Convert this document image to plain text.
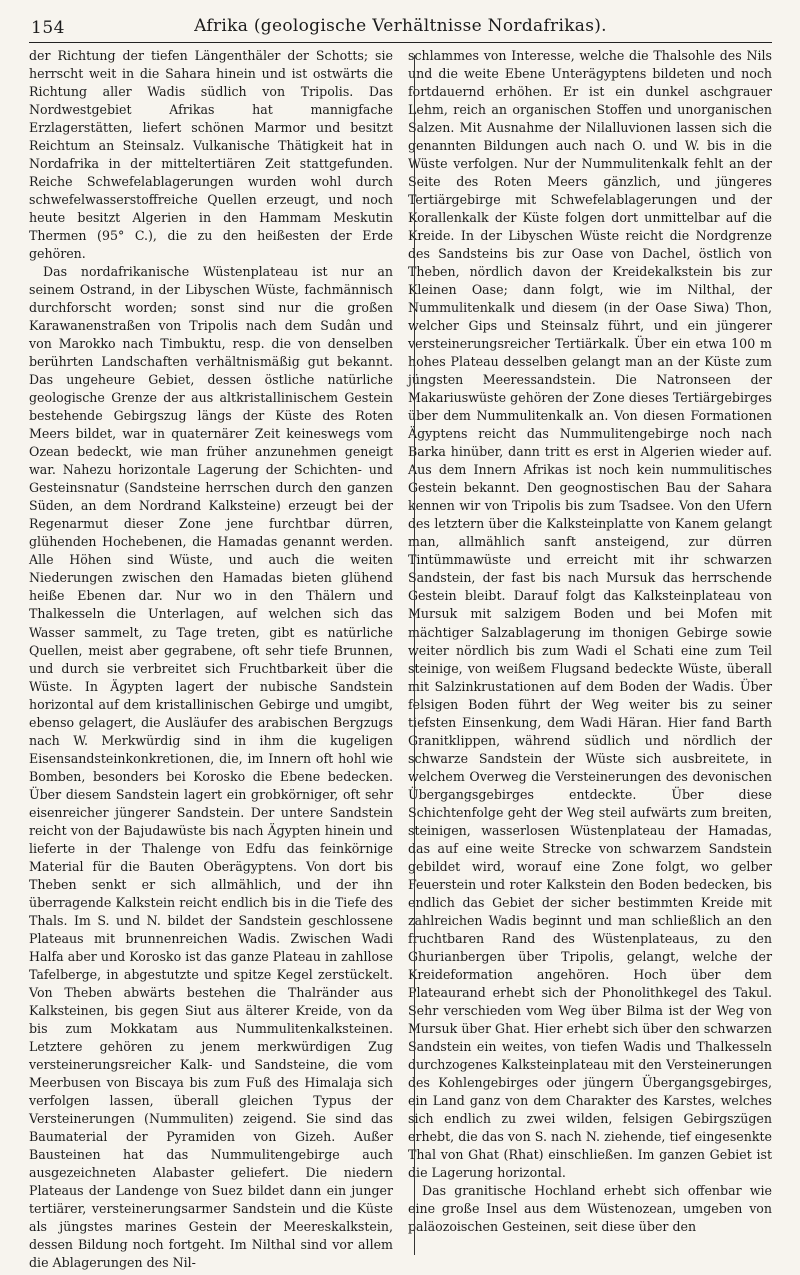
154	Afrika (geologische Verhältnisse Nordafrikas).

der Richtung der tiefen Längenthäler der Schotts; sie herrscht weit in die Sahara hinein und ist ostwärts die Richtung aller Wadis südlich von Tripolis. Das Nordwestgebiet Afrikas hat mannigfache Erzlagerstätten, liefert schönen Marmor und besitzt Reichtum an Steinsalz. Vulkanische Thätigkeit hat in Nordafrika in der mitteltertiären Zeit stattgefunden. Reiche Schwefelablagerungen wurden wohl durch schwefelwasserstoffreiche Quellen erzeugt, und noch heute besitzt Algerien in den Hammam Meskutin Thermen (95° C.), die zu den heißesten der Erde gehören.

Das nordafrikanische Wüstenplateau ist nur an seinem Ostrand, in der Libyschen Wüste, fachmännisch durchforscht worden; sonst sind nur die großen Karawanenstraßen von Tripolis nach dem Sudân und von Marokko nach Timbuktu, resp. die von denselben berührten Landschaften verhältnismäßig gut bekannt. Das ungeheure Gebiet, dessen östliche natürliche geologische Grenze der aus altkristallinischem Gestein bestehende Gebirgszug längs der Küste des Roten Meers bildet, war in quaternärer Zeit keineswegs vom Ozean bedeckt, wie man früher anzunehmen geneigt war. Nahezu horizontale Lagerung der Schichten- und Gesteinsnatur (Sandsteine herrschen durch den ganzen Süden, an dem Nordrand Kalksteine) erzeugt bei der Regenarmut dieser Zone jene furchtbar dürren, glühenden Hochebenen, die Hamadas genannt werden. Alle Höhen sind Wüste, und auch die weiten Niederungen zwischen den Hamadas bieten glühend heiße Ebenen dar. Nur wo in den Thälern und Thalkesseln die Unterlagen, auf welchen sich das Wasser sammelt, zu Tage treten, gibt es natürliche Quellen, meist aber gegrabene, oft sehr tiefe Brunnen, und durch sie verbreitet sich Fruchtbarkeit über die Wüste. In Ägypten lagert der nubische Sandstein horizontal auf dem kristallinischen Gebirge und umgibt, ebenso gelagert, die Ausläufer des arabischen Bergzugs nach W. Merkwürdig sind in ihm die kugeligen Eisensandsteinkonkretionen, die, im Innern oft hohl wie Bomben, besonders bei Korosko die Ebene bedecken. Über diesem Sandstein lagert ein grobkörniger, oft sehr eisenreicher jüngerer Sandstein. Der untere Sandstein reicht von der Bajudawüste bis nach Ägypten hinein und lieferte in der Thalenge von Edfu das feinkörnige Material für die Bauten Oberägyptens. Von dort bis Theben senkt er sich allmählich, und der ihn überragende Kalkstein reicht endlich bis in die Tiefe des Thals. Im S. und N. bildet der Sandstein geschlossene Plateaus mit brunnenreichen Wadis. Zwischen Wadi Halfa aber und Korosko ist das ganze Plateau in zahllose Tafelberge, in abgestutzte und spitze Kegel zerstückelt. Von Theben abwärts bestehen die Thalränder aus Kalksteinen, bis gegen Siut aus älterer Kreide, von da bis zum Mokkatam aus Nummulitenkalksteinen. Letztere gehören zu jenem merkwürdigen Zug versteinerungsreicher Kalk- und Sandsteine, die vom Meerbusen von Biscaya bis zum Fuß des Himalaja sich verfolgen lassen, überall gleichen Typus der Versteinerungen (Nummuliten) zeigend. Sie sind das Baumaterial der Pyramiden von Gizeh. Außer Bausteinen hat das Nummulitengebirge auch ausgezeichneten Alabaster geliefert. Die niedern Plateaus der Landenge von Suez bildet dann ein junger tertiärer, versteinerungsarmer Sandstein und die Küste als jüngstes marines Gestein der Meereskalkstein, dessen Bildung noch fortgeht. Im Nilthal sind vor allem die Ablagerungen des Nil-

schlammes von Interesse, welche die Thalsohle des Nils und die weite Ebene Unterägyptens bildeten und noch fortdauernd erhöhen. Er ist ein dunkel aschgrauer Lehm, reich an organischen Stoffen und unorganischen Salzen. Mit Ausnahme der Nilalluvionen lassen sich die genannten Bildungen auch nach O. und W. bis in die Wüste verfolgen. Nur der Nummulitenkalk fehlt an der Seite des Roten Meers gänzlich, und jüngeres Tertiärgebirge mit Schwefelablagerungen und der Korallenkalk der Küste folgen dort unmittelbar auf die Kreide. In der Libyschen Wüste reicht die Nordgrenze des Sandsteins bis zur Oase von Dachel, östlich von Theben, nördlich davon der Kreidekalkstein bis zur Kleinen Oase; dann folgt, wie im Nilthal, der Nummulitenkalk und diesem (in der Oase Siwa) Thon, welcher Gips und Steinsalz führt, und ein jüngerer versteinerungsreicher Tertiärkalk. Über ein etwa 100 m hohes Plateau desselben gelangt man an der Küste zum jüngsten Meeressandstein. Die Natronseen der Makariuswüste gehören der Zone dieses Tertiärgebirges über dem Nummulitenkalk an. Von diesen Formationen Ägyptens reicht das Nummulitengebirge noch nach Barka hinüber, dann tritt es erst in Algerien wieder auf. Aus dem Innern Afrikas ist noch kein nummulitisches Gestein bekannt. Den geognostischen Bau der Sahara kennen wir von Tripolis bis zum Tsadsee. Von den Ufern des letztern über die Kalksteinplatte von Kanem gelangt man, allmählich sanft ansteigend, zur dürren Tintümmawüste und erreicht mit ihr schwarzen Sandstein, der fast bis nach Mursuk das herrschende Gestein bleibt. Darauf folgt das Kalksteinplateau von Mursuk mit salzigem Boden und bei Mofen mit mächtiger Salzablagerung im thonigen Gebirge sowie weiter nördlich bis zum Wadi el Schati eine zum Teil steinige, von weißem Flugsand bedeckte Wüste, überall mit Salzinkrustationen auf dem Boden der Wadis. Über felsigen Boden führt der Weg weiter bis zu seiner tiefsten Einsenkung, dem Wadi Häran. Hier fand Barth Granitklippen, während südlich und nördlich der schwarze Sandstein der Wüste sich ausbreitete, in welchem Overweg die Versteinerungen des devonischen Übergangsgebirges entdeckte. Über diese Schichtenfolge geht der Weg steil aufwärts zum breiten, steinigen, wasserlosen Wüstenplateau der Hamadas, das auf eine weite Strecke von schwarzem Sandstein gebildet wird, worauf eine Zone folgt, wo gelber Feuerstein und roter Kalkstein den Boden bedecken, bis endlich das Gebiet der sicher bestimmten Kreide mit zahlreichen Wadis beginnt und man schließlich an den fruchtbaren Rand des Wüstenplateaus, zu den Ghurianbergen über Tripolis, gelangt, welche der Kreideformation angehören. Hoch über dem Plateaurand erhebt sich der Phonolithkegel des Takul. Sehr verschieden vom Weg über Bilma ist der Weg von Mursuk über Ghat. Hier erhebt sich über den schwarzen Sandstein ein weites, von tiefen Wadis und Thalkesseln durchzogenes Kalksteinplateau mit den Versteinerungen des Kohlengebirges oder jüngern Übergangsgebirges, ein Land ganz von dem Charakter des Karstes, welches sich endlich zu zwei wilden, felsigen Gebirgszügen erhebt, die das von S. nach N. ziehende, tief eingesenkte Thal von Ghat (Rhat) einschließen. Im ganzen Gebiet ist die Lagerung horizontal.

Das granitische Hochland erhebt sich offenbar wie eine große Insel aus dem Wüstenozean, umgeben von paläozoischen Gesteinen, seit diese über den
